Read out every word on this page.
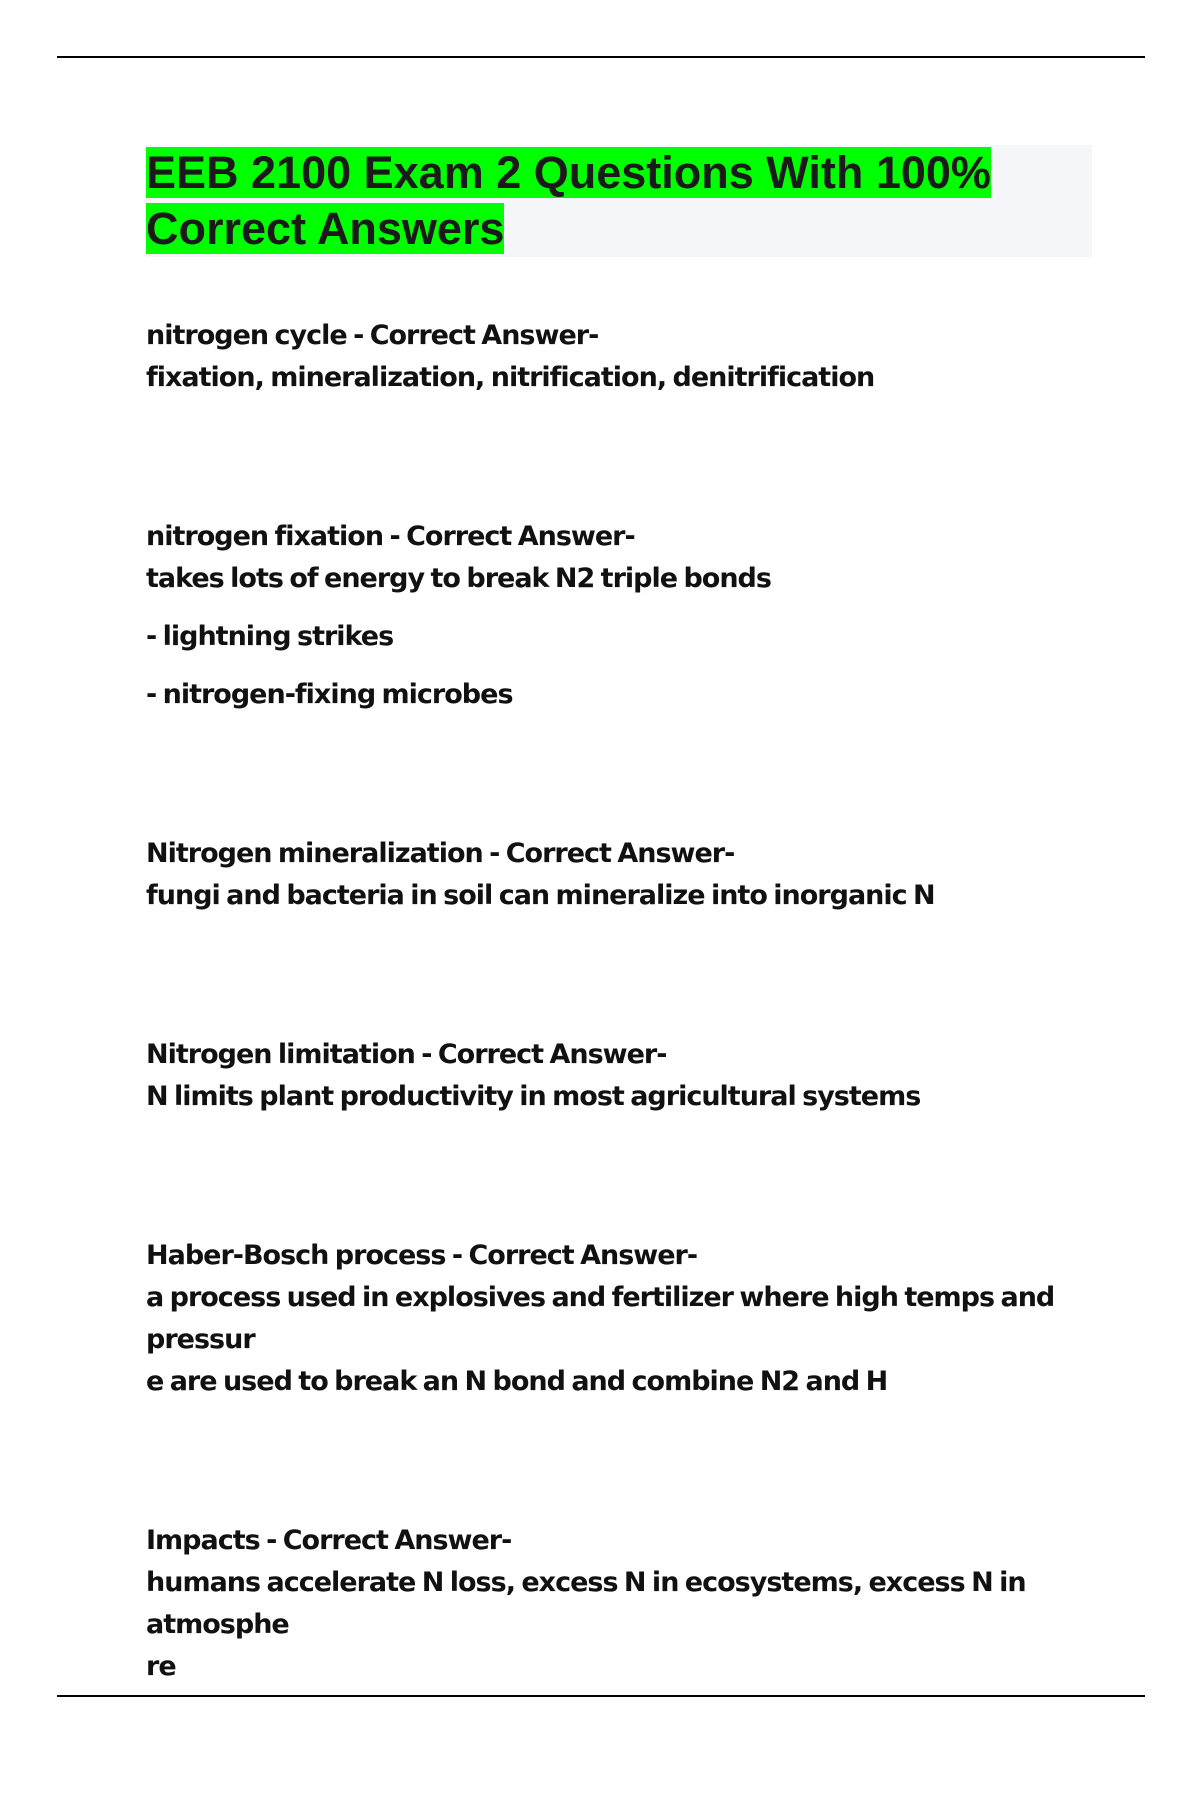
EEB 2100 Exam 2 Questions With 100%
Correct Answers

nitrogen cycle - Correct Answer-

fixation, mineralization, nitrification, denitrification

nitrogen fixation - Correct Answer-

takes lots of energy to break N2 triple bonds

- lightning strikes

- nitrogen-fixing microbes

Nitrogen mineralization - Correct Answer-

fungi and bacteria in soil can mineralize into inorganic N

Nitrogen limitation - Correct Answer-

N limits plant productivity in most agricultural systems

Haber-Bosch process - Correct Answer-

a process used in explosives and fertilizer where high temps and pressur

e are used to break an N bond and combine N2 and H

Impacts - Correct Answer-

humans accelerate N loss, excess N in ecosystems, excess N in atmosphe

re
